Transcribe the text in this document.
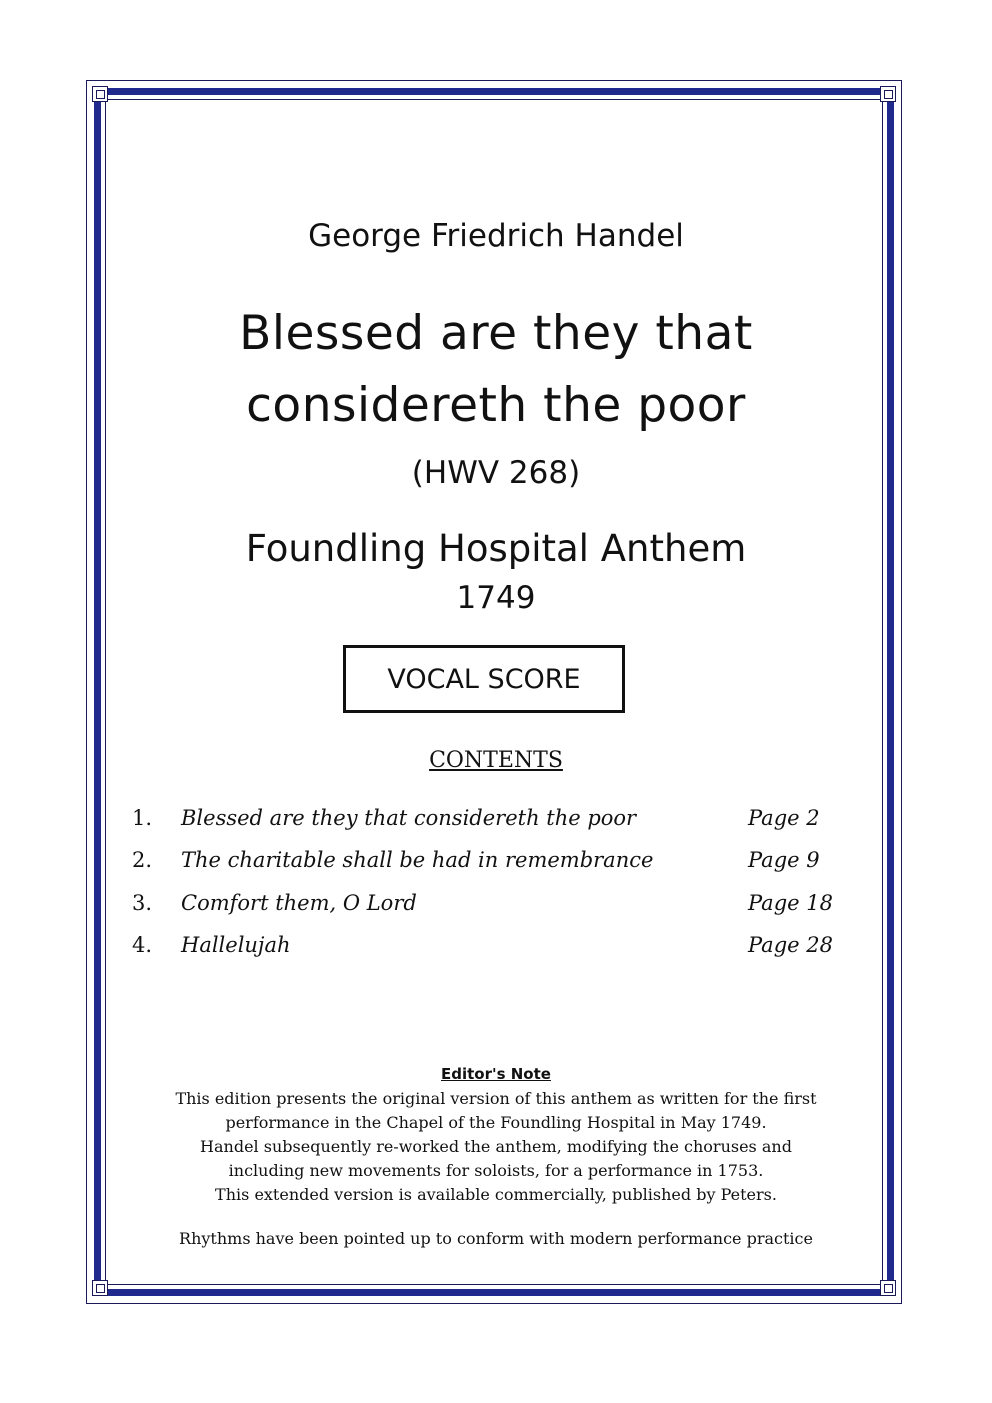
George Friedrich Handel
Blessed are they that
considereth the poor
(HWV 268)
Foundling Hospital Anthem
1749
VOCAL SCORE
CONTENTS
1. Blessed are they that considereth the poor	Page 2
2. The charitable shall be had in remembrance	Page 9
3. Comfort them, O Lord	Page 18
4. Hallelujah	Page 28
Editor's Note
This edition presents the original version of this anthem as written for the first
performance in the Chapel of the Foundling Hospital in May 1749.
Handel subsequently re-worked the anthem, modifying the choruses and
including new movements for soloists, for a performance in 1753.
This extended version is available commercially, published by Peters.
Rhythms have been pointed up to conform with modern performance practice
